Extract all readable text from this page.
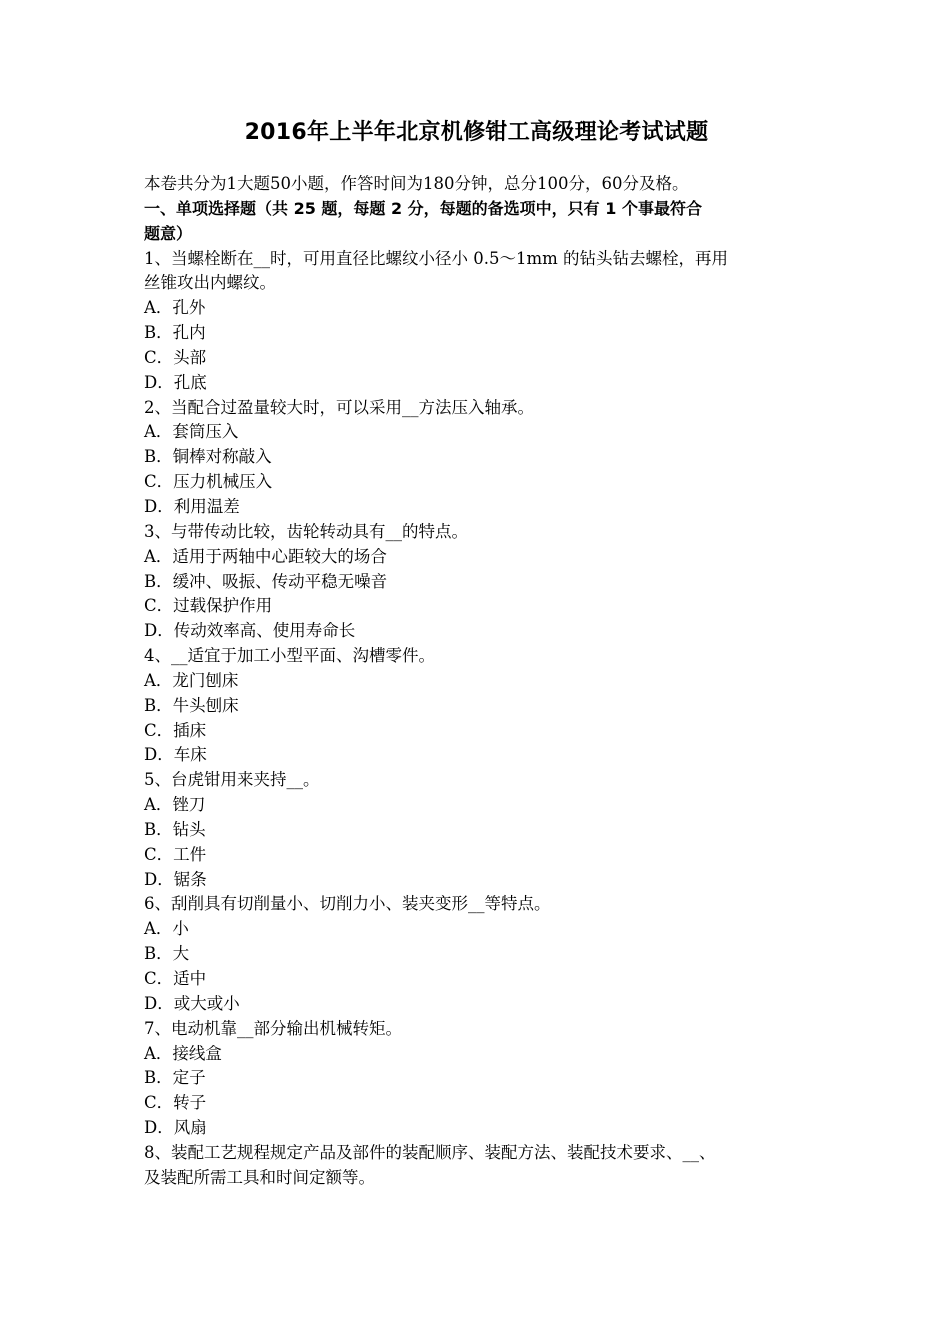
2016年上半年北京机修钳工高级理论考试试题
本卷共分为1大题50小题，作答时间为180分钟，总分100分，60分及格。
一、单项选择题（共 25 题，每题 2 分，每题的备选项中，只有 1 个事最符合
题意）
1、当螺栓断在__时，可用直径比螺纹小径小 0.5～1mm 的钻头钻去螺栓，再用
丝锥攻出内螺纹。
A．孔外
B．孔内
C．头部
D．孔底
2、当配合过盈量较大时，可以采用__方法压入轴承。
A．套筒压入
B．铜棒对称敲入
C．压力机械压入
D．利用温差
3、与带传动比较，齿轮转动具有__的特点。
A．适用于两轴中心距较大的场合
B．缓冲、吸振、传动平稳无噪音
C．过载保护作用
D．传动效率高、使用寿命长
4、__适宜于加工小型平面、沟槽零件。
A．龙门刨床
B．牛头刨床
C．插床
D．车床
5、台虎钳用来夹持__。
A．锉刀
B．钻头
C．工件
D．锯条
6、刮削具有切削量小、切削力小、装夹变形__等特点。
A．小
B．大
C．适中
D．或大或小
7、电动机靠__部分输出机械转矩。
A．接线盒
B．定子
C．转子
D．风扇
8、装配工艺规程规定产品及部件的装配顺序、装配方法、装配技术要求、__、
及装配所需工具和时间定额等。
